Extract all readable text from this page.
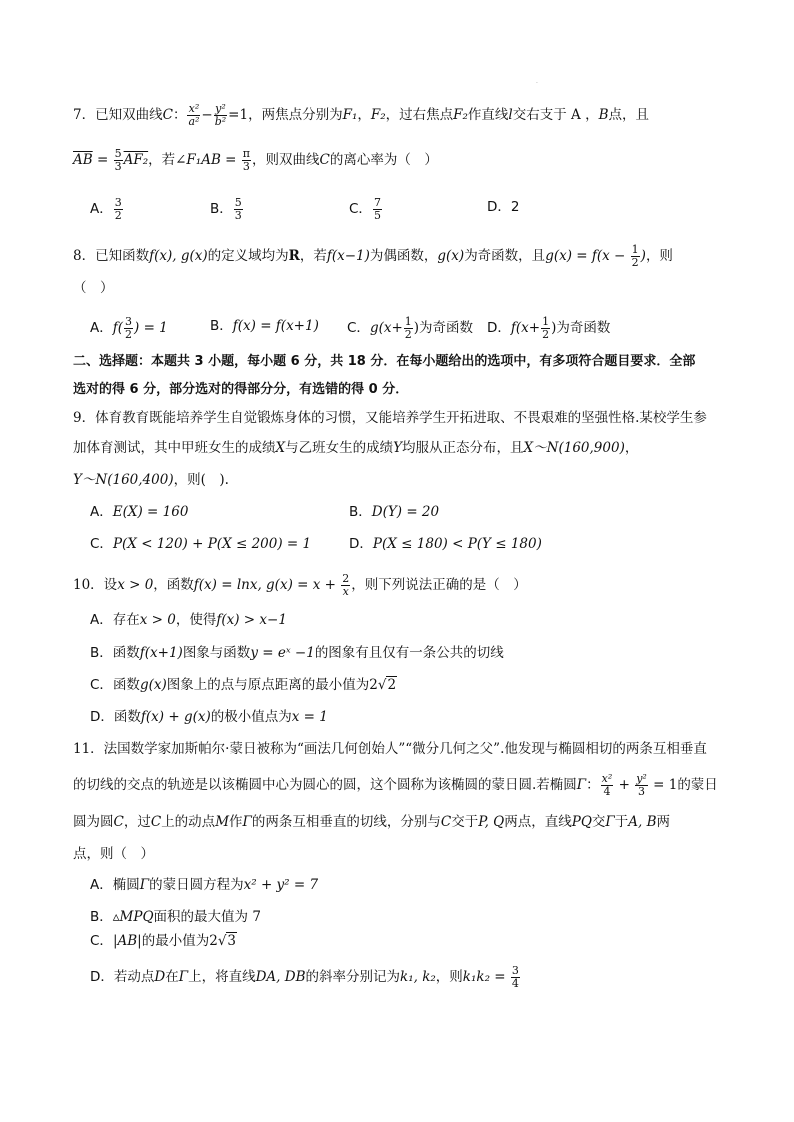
·
7．已知双曲线C： $\frac{\text{x²}}{\text{a²}} - \frac{\text{y²}}{\text{b²}} =1$，两焦点分别为F₁，F₂，过右焦点F₂作直线l交右支于 A ，B点，且
$\overline{AB} = \frac{5}{3} AF_2$，若∠F₁AB = $\frac{\pi}{3}$ ，则双曲线C的离心率为（　）
A． $\frac{3}{2}$	B． $\frac{5}{3}$	C． $\frac{7}{5}$	D．2
8．已知函数f(x), g(x)的定义域均为R，若f(x−1)为偶函数，g(x)为奇函数，且$g(x) = f(x - \frac{1}{2}$ )，则
（　）
A．$f( \frac{3}{2}$ ) = 1	B．f(x) = f(x+1) C．$g(x+ \frac{1}{2}$ )为奇函数 D．$f(x+ \frac{1}{2}$ )为奇函数
二、选择题：本题共 3 小题，每小题 6 分，共 18 分．在每小题给出的选项中，有多项符合题目要求．全部
选对的得 6 分，部分选对的得部分分，有选错的得 0 分．
9．体育教育既能培养学生自觉锻炼身体的习惯，又能培养学生开拓进取、不畏艰难的坚强性格.某校学生参
加体育测试，其中甲班女生的成绩X与乙班女生的成绩Y均服从正态分布，且X～N(160,900)，
Y～N(160,400)，则(　).
A．E(X) = 160	B．D(Y) = 20
C．P(X < 120) + P(X ≤ 200) = 1	D．P(X ≤ 180) < P(Y ≤ 180)
10．设x > 0，函数f(x) = lnx, $g(x) = x + \frac{2}{x}$ ，则下列说法正确的是（　）
A．存在x > 0，使得f(x) > x−1
B．函数f(x+1)图象与函数y = eˣ −1的图象有且仅有一条公共的切线
C．函数g(x)图象上的点与原点距离的最小值为2√2
D．函数f(x) + g(x)的极小值点为x = 1
11．法国数学家加斯帕尔·蒙日被称为“画法几何创始人”“微分几何之父”.他发现与椭圆相切的两条互相垂直
的切线的交点的轨迹是以该椭圆中心为圆心的圆，这个圆称为该椭圆的蒙日圆.若椭圆Γ： $\frac{\text{x²}}{4} + \frac{\text{y²}}{3} = 1$的蒙日
圆为圆C，过C上的动点M作Γ的两条互相垂直的切线，分别与C交于P, Q两点，直线PQ交Γ于A, B两
点，则（　）
A．椭圆Γ的蒙日圆方程为x² + y² = 7
B．▵MPQ面积的最大值为 7
C．|AB|的最小值为2√3
D．若动点D在Γ上，将直线DA, DB的斜率分别记为k₁, k₂，则$k_1k_2 = \frac{3}{4}$
